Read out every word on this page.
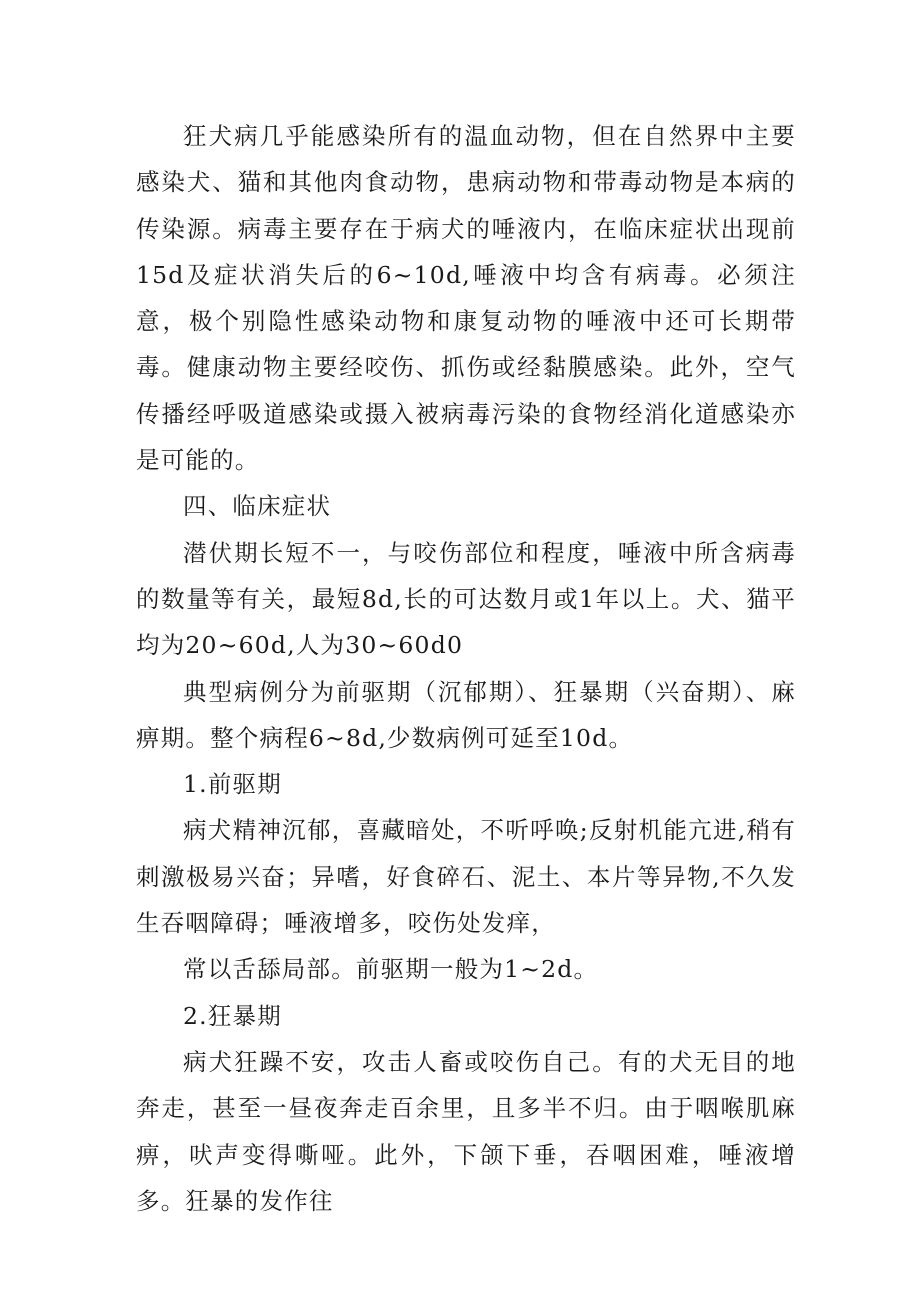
狂犬病几乎能感染所有的温血动物，但在自然界中主要感染犬、猫和其他肉食动物，患病动物和带毒动物是本病的传染源。病毒主要存在于病犬的唾液内，在临床症状出现前15d及症状消失后的6~10d,唾液中均含有病毒。必须注意，极个别隐性感染动物和康复动物的唾液中还可长期带毒。健康动物主要经咬伤、抓伤或经黏膜感染。此外，空气传播经呼吸道感染或摄入被病毒污染的食物经消化道感染亦是可能的。

四、临床症状

潜伏期长短不一，与咬伤部位和程度，唾液中所含病毒的数量等有关，最短8d,长的可达数月或1年以上。犬、猫平均为20~60d,人为30~60d0

典型病例分为前驱期（沉郁期）、狂暴期（兴奋期）、麻痹期。整个病程6~8d,少数病例可延至10d。

1.前驱期

病犬精神沉郁，喜藏暗处，不听呼唤;反射机能亢进,稍有刺激极易兴奋；异嗜，好食碎石、泥土、本片等异物,不久发生吞咽障碍；唾液增多，咬伤处发痒，

常以舌舔局部。前驱期一般为1~2d。

2.狂暴期

病犬狂躁不安，攻击人畜或咬伤自己。有的犬无目的地奔走，甚至一昼夜奔走百余里，且多半不归。由于咽喉肌麻痹，吠声变得嘶哑。此外，下颌下垂，吞咽困难，唾液增多。狂暴的发作往
